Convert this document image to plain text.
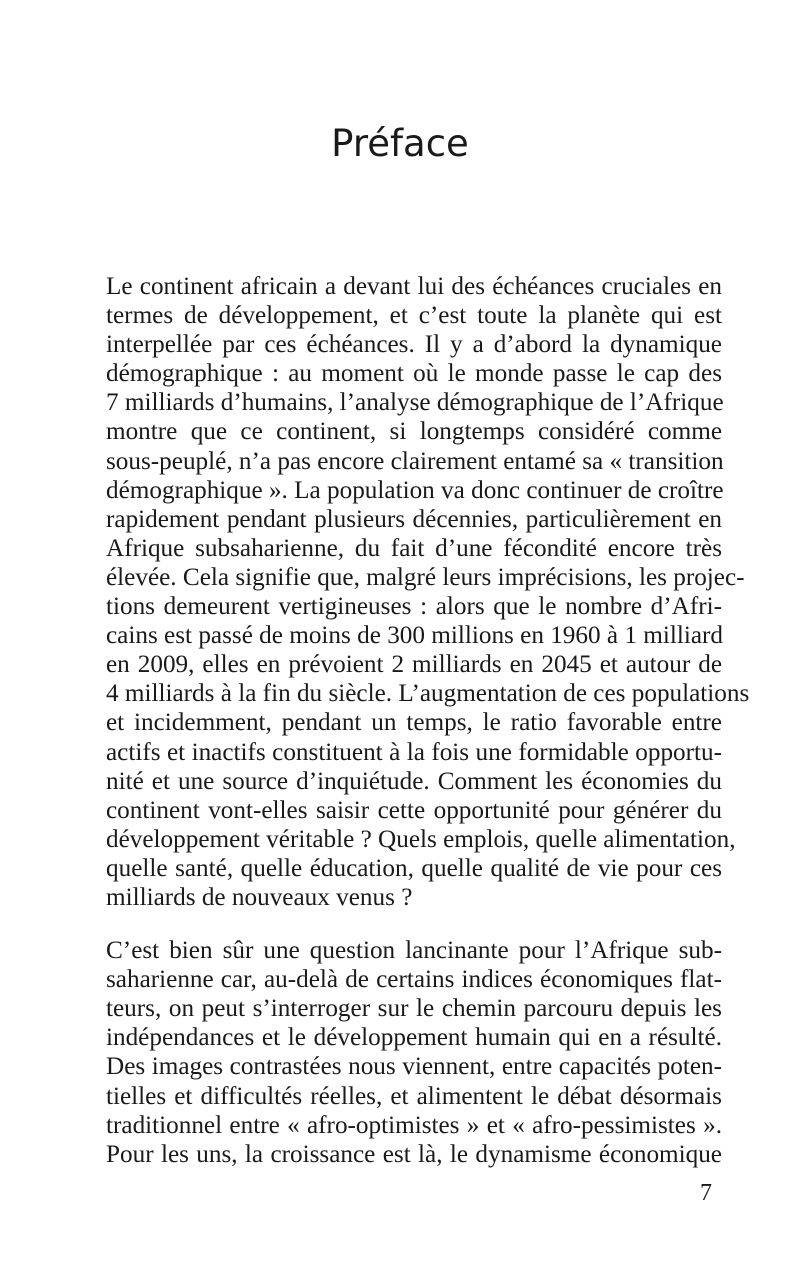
Préface
Le continent africain a devant lui des échéances cruciales en
termes de développement, et c’est toute la planète qui est
interpellée par ces échéances. Il y a d’abord la dynamique
démographique : au moment où le monde passe le cap des
7 milliards d’humains, l’analyse démographique de l’Afrique
montre que ce continent, si longtemps considéré comme
sous-peuplé, n’a pas encore clairement entamé sa « transition
démographique ». La population va donc continuer de croître
rapidement pendant plusieurs décennies, particulièrement en
Afrique subsaharienne, du fait d’une fécondité encore très
élevée. Cela signifie que, malgré leurs imprécisions, les projec-
tions demeurent vertigineuses : alors que le nombre d’Afri-
cains est passé de moins de 300 millions en 1960 à 1 milliard
en 2009, elles en prévoient 2 milliards en 2045 et autour de
4 milliards à la fin du siècle. L’augmentation de ces populations
et incidemment, pendant un temps, le ratio favorable entre
actifs et inactifs constituent à la fois une formidable opportu-
nité et une source d’inquiétude. Comment les économies du
continent vont-elles saisir cette opportunité pour générer du
développement véritable ? Quels emplois, quelle alimentation,
quelle santé, quelle éducation, quelle qualité de vie pour ces
milliards de nouveaux venus ?
C’est bien sûr une question lancinante pour l’Afrique sub-
saharienne car, au-delà de certains indices économiques flat-
teurs, on peut s’interroger sur le chemin parcouru depuis les
indépendances et le développement humain qui en a résulté.
Des images contrastées nous viennent, entre capacités poten-
tielles et difficultés réelles, et alimentent le débat désormais
traditionnel entre « afro-optimistes » et « afro-pessimistes ».
Pour les uns, la croissance est là, le dynamisme économique
7
